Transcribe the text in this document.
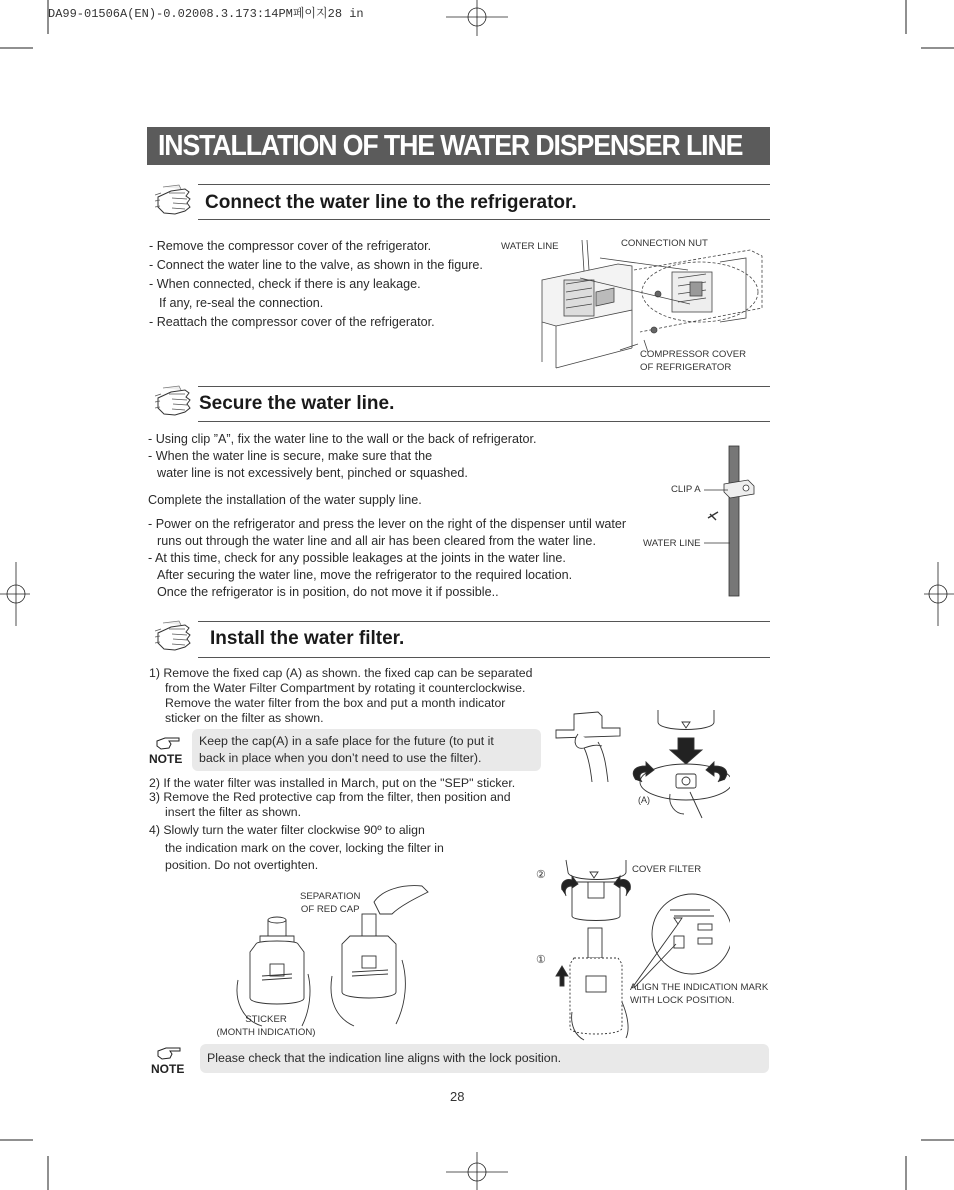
DA99-01506A(EN)-0.02008.3.173:14PM페이지28 in
INSTALLATION OF THE WATER DISPENSER LINE
Connect the water line to the refrigerator.
- Remove the compressor cover of the refrigerator.
- Connect the water line to the valve, as shown in the figure.
- When connected, check if there is any leakage.
If any, re-seal the connection.
- Reattach the compressor cover of the refrigerator.
WATER LINE	CONNECTION NUT
COMPRESSOR COVER
OF REFRIGERATOR
Secure the water line.
- Using clip ”A”, fix the water line to the wall or the back of refrigerator.
- When the water line is secure, make sure that the
water line is not excessively bent, pinched or squashed.
Complete the installation of the water supply line.
- Power on the refrigerator and press the lever on the right of the dispenser until water
runs out through the water line and all air has been cleared from the water line.
- At this time, check for any possible leakages at the joints in the water line.
After securing the water line, move the refrigerator to the required location.
Once the refrigerator is in position, do not move it if possible..
CLIP A
WATER LINE
Install the water filter.
1) Remove the fixed cap (A) as shown. the fixed cap can be separated
from the Water Filter Compartment by rotating it counterclockwise.
Remove the water filter from the box and put a month indicator
sticker on the filter as shown.
NOTE
Keep the cap(A) in a safe place for the future (to put it
back in place when you don’t need to use the filter).
2) If the water filter was installed in March, put on the "SEP" sticker.
3) Remove the Red protective cap from the filter, then position and
insert the filter as shown.
4) Slowly turn the water filter clockwise 90º to align
the indication mark on the cover, locking the filter in
position. Do not overtighten.
(A)
SEPARATION
OF RED CAP
STICKER
(MONTH INDICATION)
②
①
COVER FILTER
ALIGN THE INDICATION MARK
WITH LOCK POSITION.
NOTE
Please check that the indication line aligns with the lock position.
28
